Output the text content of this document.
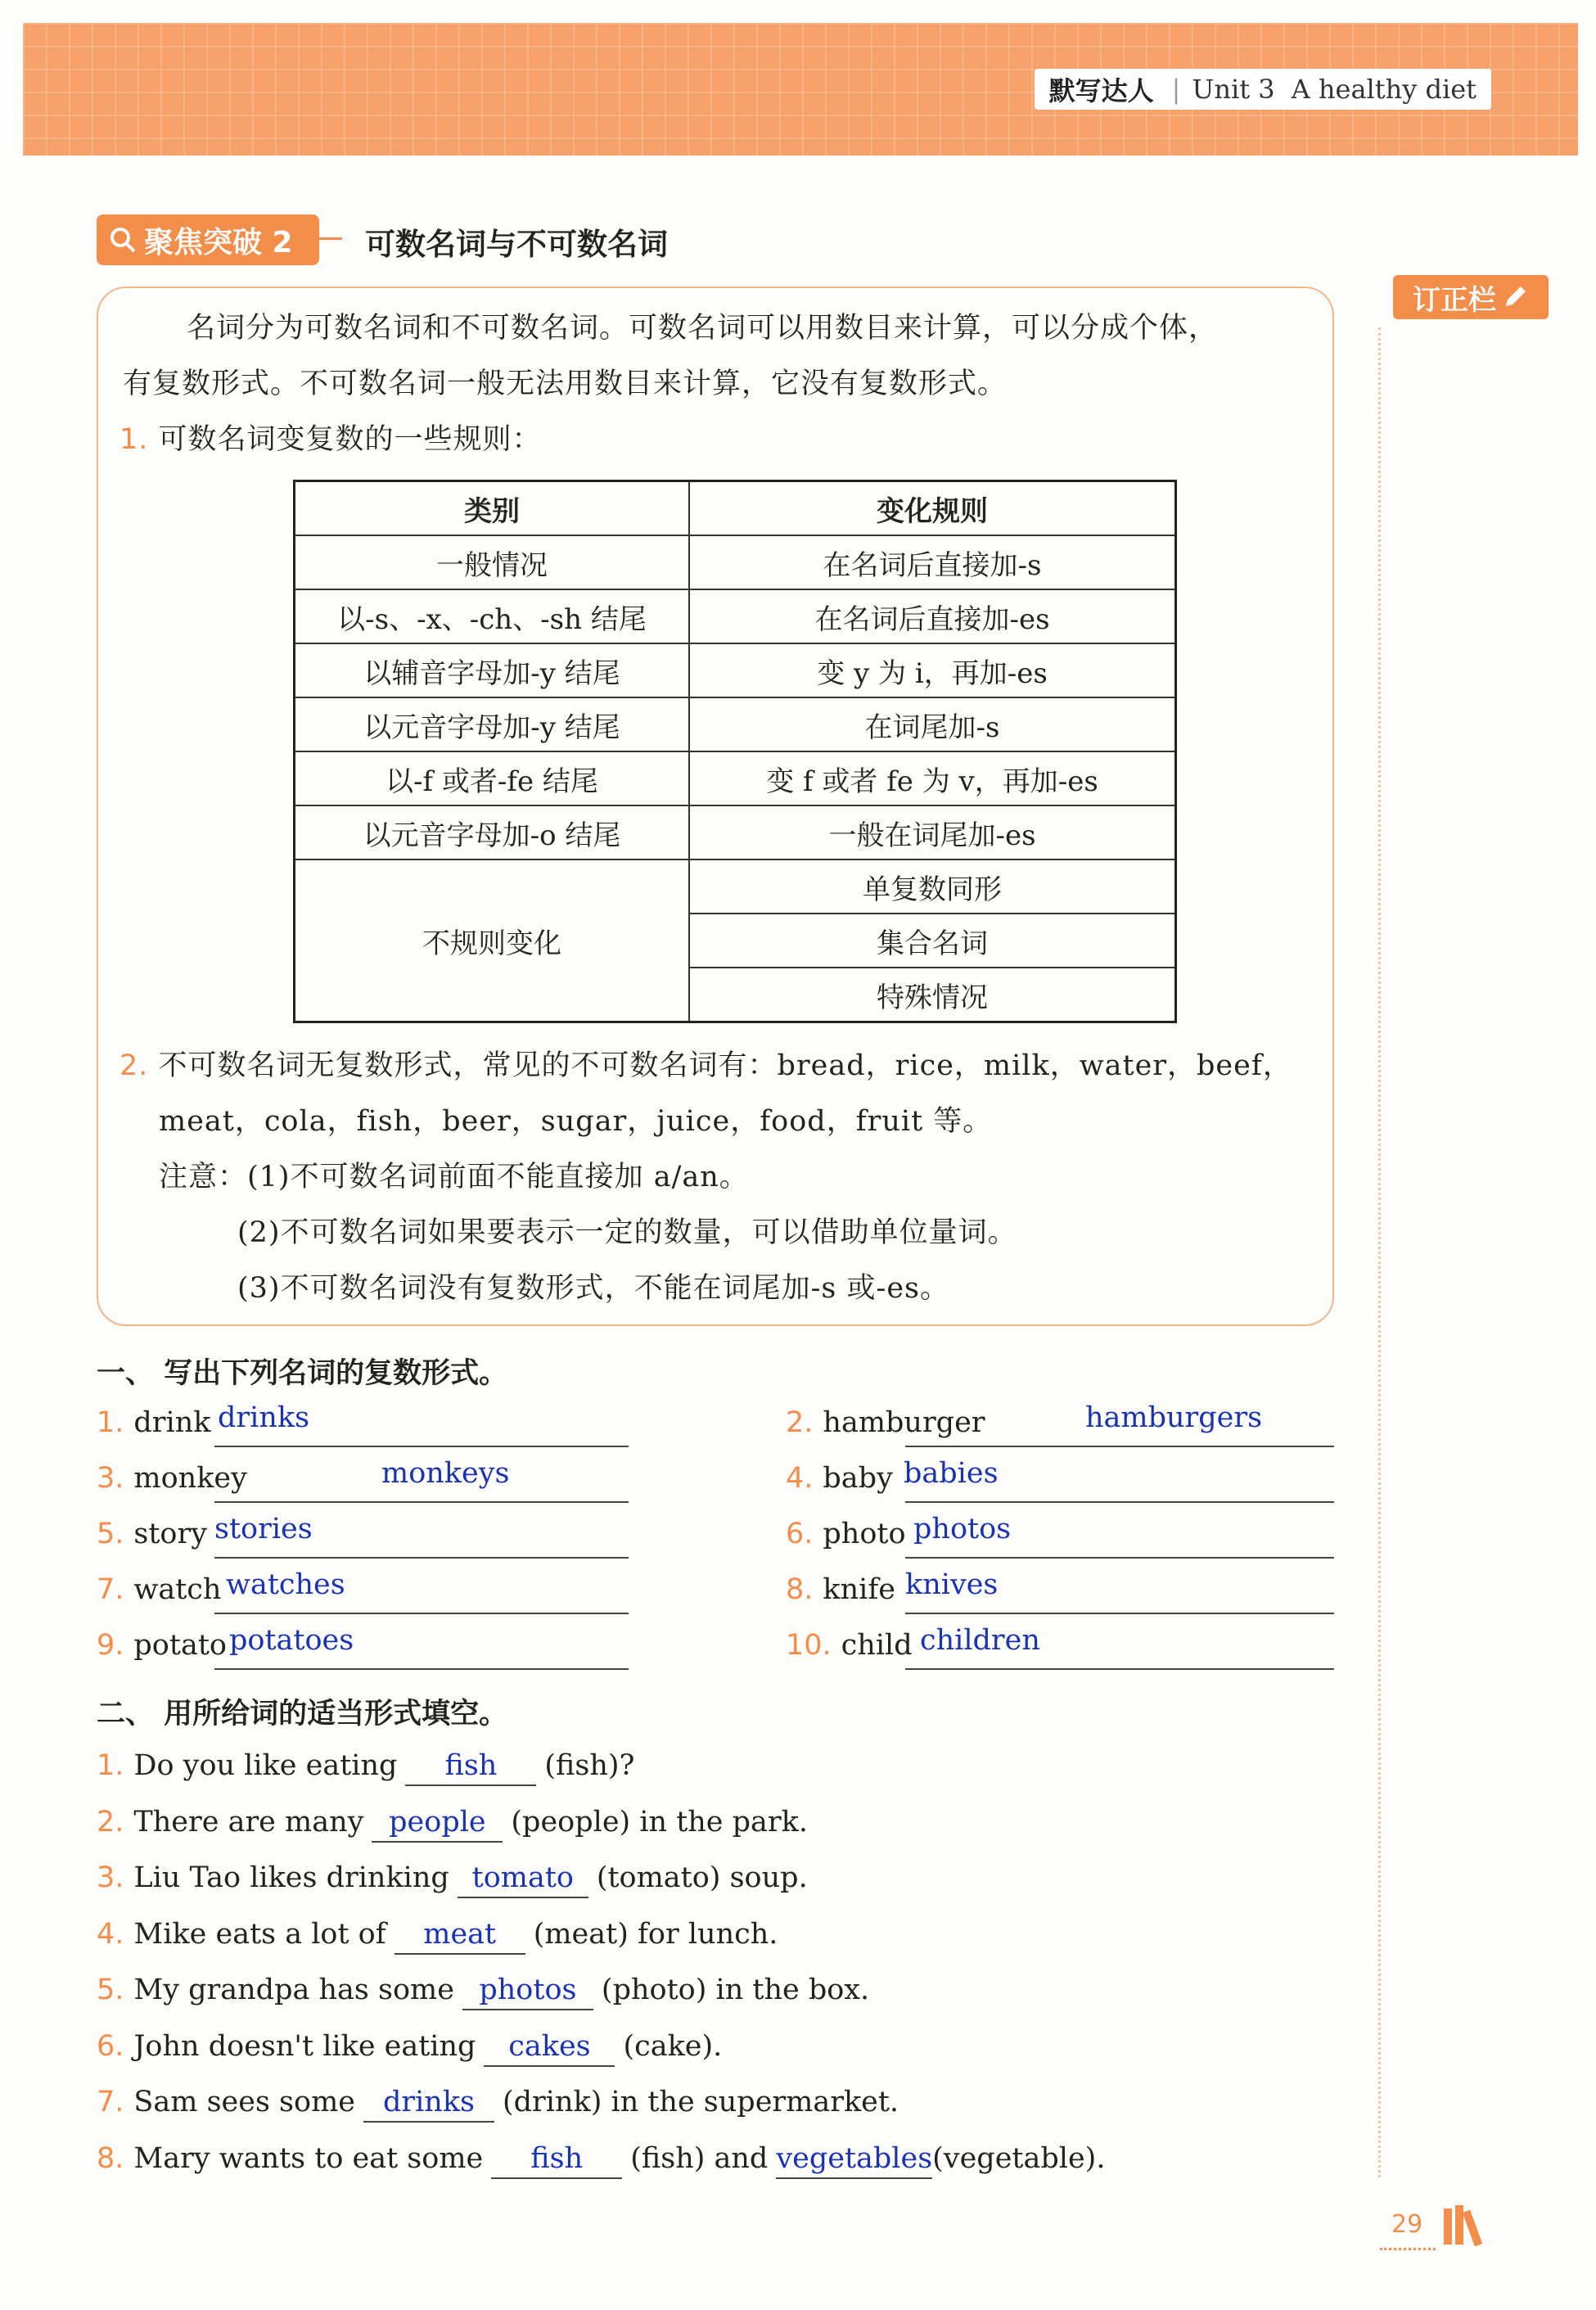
默写达人 | Unit 3 A healthy diet
聚焦突破 2 可数名词与不可数名词
订正栏
名词分为可数名词和不可数名词。可数名词可以用数目来计算，可以分成个体，
有复数形式。不可数名词一般无法用数目来计算，它没有复数形式。
1. 可数名词变复数的一些规则：
类别	变化规则
一般情况	在名词后直接加-s
以-s、-x、-ch、-sh 结尾	在名词后直接加-es
以辅音字母加-y 结尾	变 y 为 i，再加-es
以元音字母加-y 结尾	在词尾加-s
以-f 或者-fe 结尾	变 f 或者 fe 为 v，再加-es
以元音字母加-o 结尾	一般在词尾加-es
不规则变化	单复数同形
	集合名词
	特殊情况
2. 不可数名词无复数形式，常见的不可数名词有：bread，rice，milk，water，beef，
meat，cola，fish，beer，sugar，juice，food，fruit 等。
注意：(1)不可数名词前面不能直接加 a/an。
(2)不可数名词如果要表示一定的数量，可以借助单位量词。
(3)不可数名词没有复数形式，不能在词尾加-s 或-es。
一、 写出下列名词的复数形式。
1. drink drinks	2. hamburger	hamburgers
3. monkey	monkeys	4. baby babies
5. story stories	6. photo photos
7. watch watches	8. knife knives
9. potato potatoes	10. child children
二、 用所给词的适当形式填空。
1. Do you like eating	fish	(fish)?
2. There are many people (people) in the park.
3. Liu Tao likes drinking tomato (tomato) soup.
4. Mike eats a lot of	meat	(meat) for lunch.
5. My grandpa has some photos (photo) in the box.
6. John doesn't like eating	cakes	(cake).
7. Sam sees some drinks (drink) in the supermarket.
8. Mary wants to eat some	fish	(fish) and vegetables (vegetable).
29
